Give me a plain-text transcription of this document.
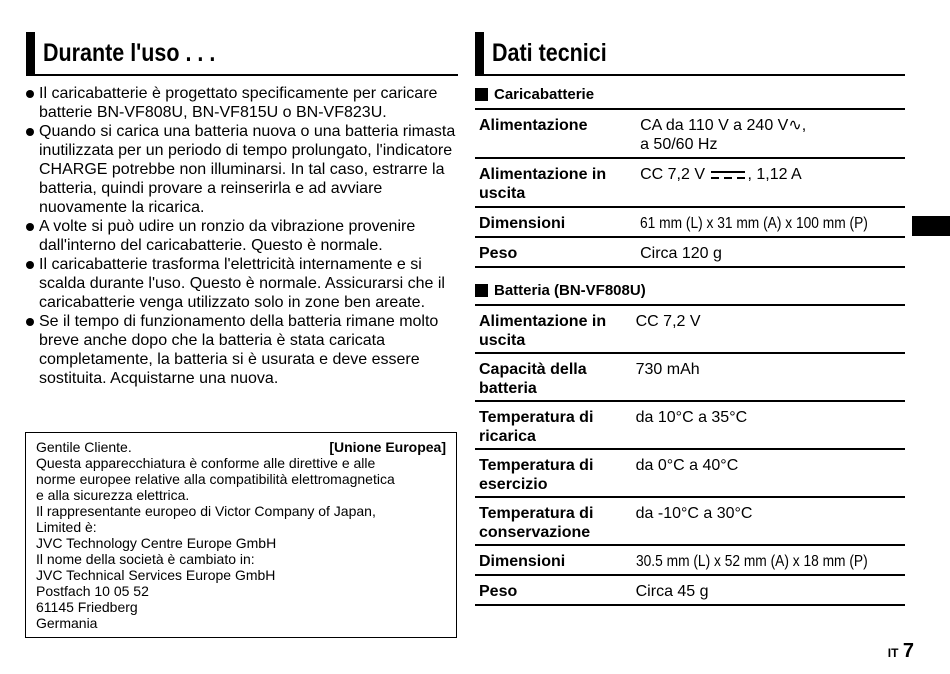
Durante l'uso . . .
Il caricabatterie è progettato specificamente per caricare batterie BN-VF808U, BN-VF815U o BN-VF823U.
Quando si carica una batteria nuova o una batteria rimasta inutilizzata per un periodo di tempo prolungato, l'indicatore CHARGE potrebbe non illuminarsi. In tal caso, estrarre la batteria, quindi provare a reinserirla e ad avviare nuovamente la ricarica.
A volte si può udire un ronzio da vibrazione provenire dall'interno del caricabatterie. Questo è normale.
Il caricabatterie trasforma l'elettricità internamente e si scalda durante l'uso. Questo è normale. Assicurarsi che il caricabatterie venga utilizzato solo in zone ben areate.
Se il tempo di funzionamento della batteria rimane molto breve anche dopo che la batteria è stata caricata completamente, la batteria si è usurata e deve essere sostituita. Acquistarne una nuova.
Gentile Cliente.	[Unione Europea]
Questa apparecchiatura è conforme alle direttive e alle
norme europee relative alla compatibilità elettromagnetica
e alla sicurezza elettrica.
Il rappresentante europeo di Victor Company of Japan,
Limited è:
JVC Technology Centre Europe GmbH
Il nome della società è cambiato in:
JVC Technical Services Europe GmbH
Postfach 10 05 52
61145 Friedberg
Germania
Dati tecnici
Caricabatterie
Alimentazione	CA da 110 V a 240 V∿,
a 50/60 Hz
Alimentazione in uscita	CC 7,2 V , 1,12 A
Dimensioni	61 mm (L) x 31 mm (A) x 100 mm (P)
Peso	Circa 120 g
Batteria (BN-VF808U)
Alimentazione in uscita	CC 7,2 V
Capacità della batteria	730 mAh
Temperatura di ricarica	da 10°C a 35°C
Temperatura di esercizio	da 0°C a 40°C
Temperatura di conservazione	da -10°C a 30°C
Dimensioni	30.5 mm (L) x 52 mm (A) x 18 mm (P)
Peso	Circa 45 g
IT 7
